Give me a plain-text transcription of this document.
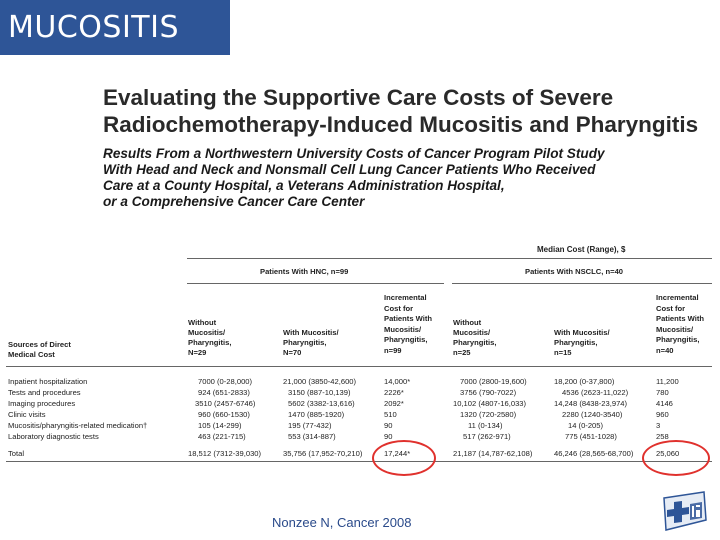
MUCOSITIS
Evaluating the Supportive Care Costs of Severe
Radiochemotherapy-Induced Mucositis and Pharyngitis
Results From a Northwestern University Costs of Cancer Program Pilot Study
With Head and Neck and Nonsmall Cell Lung Cancer Patients Who Received
Care at a County Hospital, a Veterans Administration Hospital,
or a Comprehensive Cancer Care Center
Median Cost (Range), $
Patients With HNC, n=99	Patients With NSCLC, n=40
Sources of Direct
Medical Cost
Without
Mucositis/
Pharyngitis,
N=29
With Mucositis/
Pharyngitis,
N=70
Incremental
Cost for
Patients With
Mucositis/
Pharyngitis,
n=99
Without
Mucositis/
Pharyngitis,
n=25
With Mucositis/
Pharyngitis,
n=15
Incremental
Cost for
Patients With
Mucositis/
Pharyngitis,
n=40
Inpatient hospitalization	7000 (0-28,000)	21,000 (3850-42,600)	14,000*	7000 (2800-19,600)	18,200 (0-37,800)	11,200
Tests and procedures	924 (651-2833)	3150 (887-10,139)	2226*	3756 (790-7022)	4536 (2623-11,022)	780
Imaging procedures	3510 (2457-6746)	5602 (3382-13,616)	2092*	10,102 (4807-16,033)	14,248 (8438-23,974)	4146
Clinic visits	960 (660-1530)	1470 (885-1920)	510	1320 (720-2580)	2280 (1240-3540)	960
Mucositis/pharyngitis-related medication†	105 (14-299)	195 (77-432)	90	11 (0-134)	14 (0-205)	3
Laboratory diagnostic tests	463 (221-715)	553 (314-887)	90	517 (262-971)	775 (451-1028)	258
Total	18,512 (7312-39,030)	35,756 (17,952-70,210)	17,244*	21,187 (14,787-62,108)	46,246 (28,565-68,700)	25,060
Nonzee N, Cancer 2008
